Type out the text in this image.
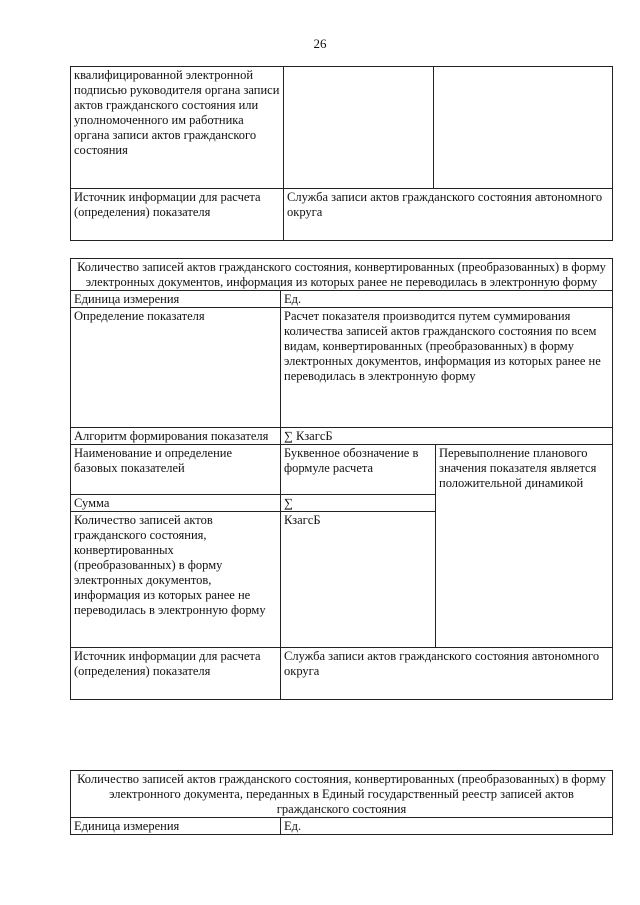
26
квалифицированной электронной подписью руководителя органа записи актов гражданского состояния или уполномоченного им работника органа записи актов гражданского состояния		
Источник информации для расчета (определения) показателя	Служба записи актов гражданского состояния автономного округа	
Количество записей актов гражданского состояния, конвертированных (преобразованных) в форму электронных документов, информация из которых ранее не переводилась в электронную форму		
Единица измерения	Ед.	
Определение показателя	Расчет показателя производится путем суммирования количества записей актов гражданского состояния по всем видам, конвертированных (преобразованных) в форму электронных документов, информация из которых ранее не переводилась в электронную форму	
Алгоритм формирования показателя	∑ КзагсБ	
Наименование и определение базовых показателей	Буквенное обозначение в формуле расчета	Перевыполнение планового значения показателя является положительной динамикой
Сумма	∑	
Количество записей актов гражданского состояния, конвертированных (преобразованных) в форму электронных документов, информация из которых ранее не переводилась в электронную форму	КзагсБ	
Источник информации для расчета (определения) показателя	Служба записи актов гражданского состояния автономного округа	
Количество записей актов гражданского состояния, конвертированных (преобразованных) в форму электронного документа, переданных в Единый государственный реестр записей актов гражданского состояния
Единица измерения	Ед.
